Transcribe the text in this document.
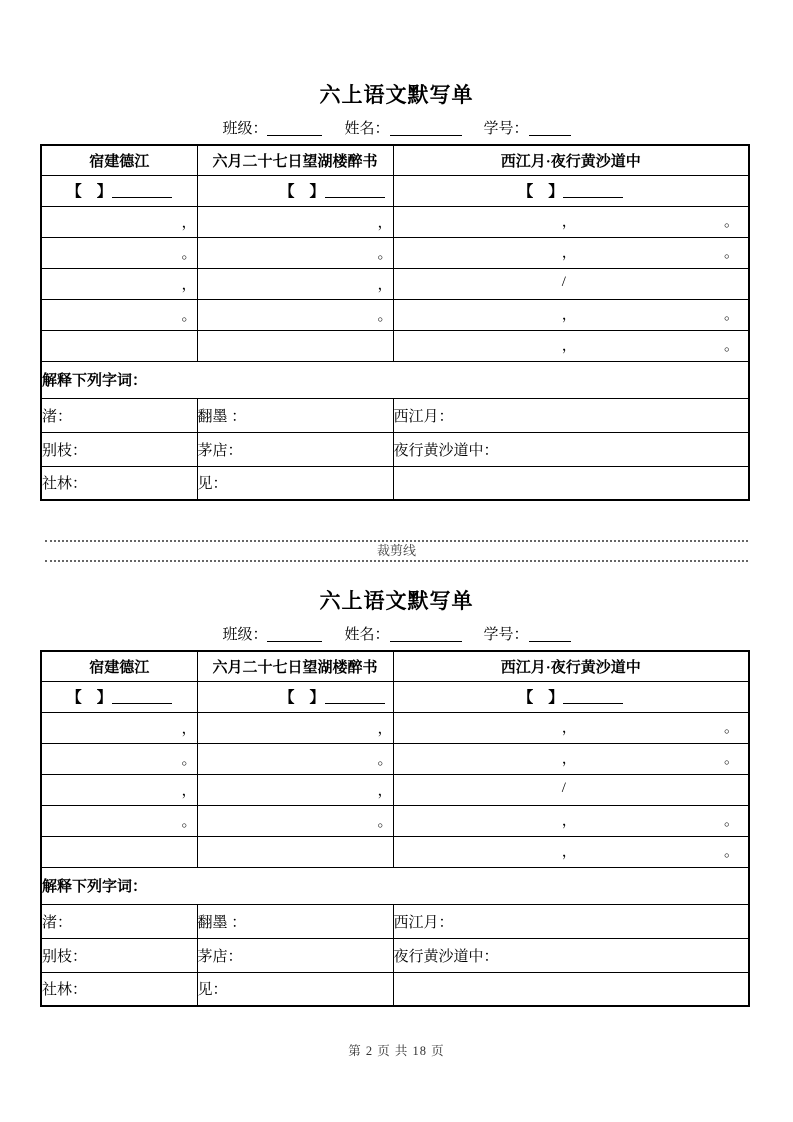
六上语文默写单
班级：	姓名：	学号：
宿建德江	六月二十七日望湖楼醉书	西江月·夜行黄沙道中
【　】	【　】	【　】
，	，	， 。

。	。	， 。

，	，	/

。	。	， 。

		， 。

解释下列字词：		
渚：	翻墨 ：	西江月：
别枝：	茅店：	夜行黄沙道中：
社林：	见：	
裁剪线
六上语文默写单
班级：	姓名：	学号：
宿建德江	六月二十七日望湖楼醉书	西江月·夜行黄沙道中
【　】	【　】	【　】
，	，	， 。

。	。	， 。

，	，	/

。	。	， 。

		， 。

解释下列字词：		
渚：	翻墨 ：	西江月：
别枝：	茅店：	夜行黄沙道中：
社林：	见：	
第 2 页 共 18 页
